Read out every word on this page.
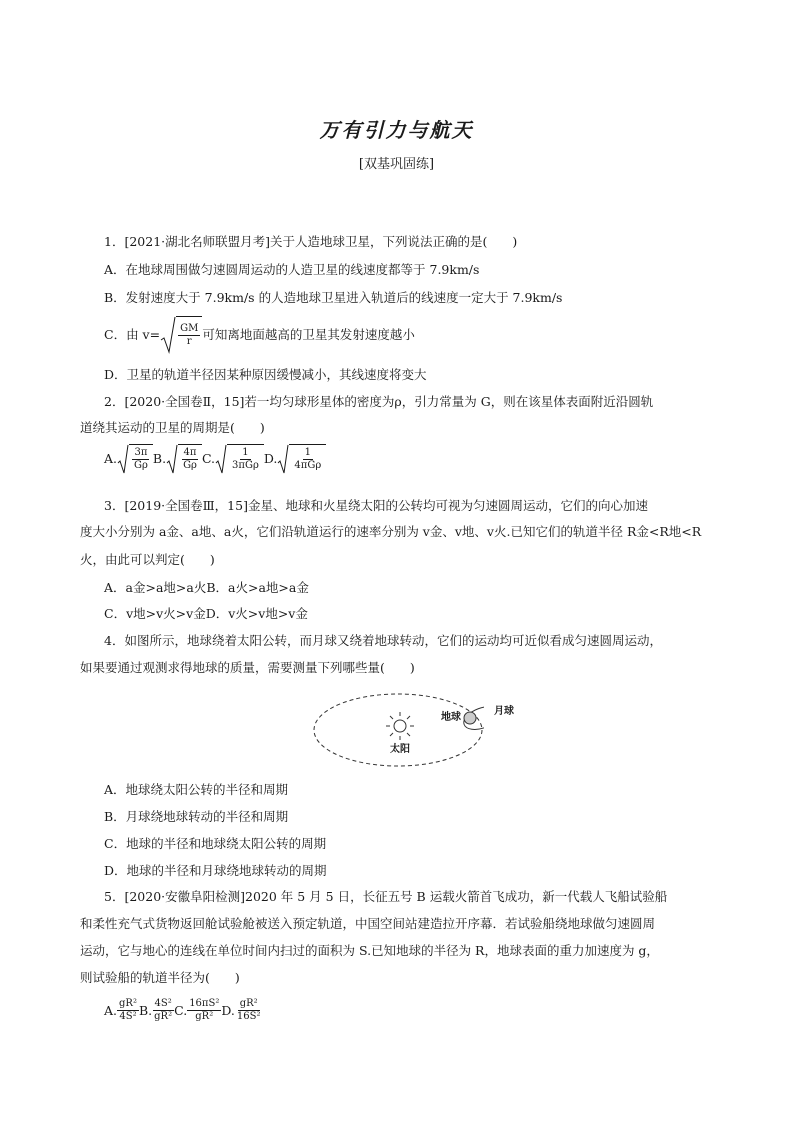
万有引力与航天
[双基巩固练]
1．[2021·湖北名师联盟月考]关于人造地球卫星，下列说法正确的是(　　)
A．在地球周围做匀速圆周运动的人造卫星的线速度都等于 7.9km/s
B．发射速度大于 7.9km/s 的人造地球卫星进入轨道后的线速度一定大于 7.9km/s
C．由 $v= \frac{GM}{r}$ 可知离地面越高的卫星其发射速度越小
D．卫星的轨道半径因某种原因缓慢减小，其线速度将变大
2．[2020·全国卷Ⅱ，15]若一均匀球形星体的密度为ρ，引力常量为 G，则在该星体表面附近沿圆轨
道绕其运动的卫星的周期是(　　)
A. $\frac{3\pi}{G\rho} B$. $\frac{4\pi}{G\rho} C$. $\frac{1}{\text{3πGρ}} D$. $\frac{1}{\text{4πGρ}}$
3．[2019·全国卷Ⅲ，15]金星、地球和火星绕太阳的公转均可视为匀速圆周运动，它们的向心加速
度大小分别为 a金、a地、a火，它们沿轨道运行的速率分别为 v金、v地、v火.已知它们的轨道半径 R金<R地<R
火，由此可以判定(　　)
A．a金>a地>a火B．a火>a地>a金
C．v地>v火>v金D．v火>v地>v金
4．如图所示，地球绕着太阳公转，而月球又绕着地球转动，它们的运动均可近似看成匀速圆周运动，
如果要通过观测求得地球的质量，需要测量下列哪些量(　　)
地球
月球
太阳
A．地球绕太阳公转的半径和周期
B．月球绕地球转动的半径和周期
C．地球的半径和地球绕太阳公转的周期
D．地球的半径和月球绕地球转动的周期
5．[2020·安徽阜阳检测]2020 年 5 月 5 日，长征五号 B 运载火箭首飞成功，新一代载人飞船试验船
和柔性充气式货物返回舱试验舱被送入预定轨道，中国空间站建造拉开序幕．若试验船绕地球做匀速圆周
运动，它与地心的连线在单位时间内扫过的面积为 S.已知地球的半径为 R，地球表面的重力加速度为 g，
则试验船的轨道半径为(　　)
A. $\frac{\text{gR²}}{\text{4S²}} B$. $\frac{\text{4S²}}{\text{gR²}} C$. $\frac{\text{16πS²}}{\text{gR²}} D$. $\frac{\text{gR²}}{\text{16S²}}$
